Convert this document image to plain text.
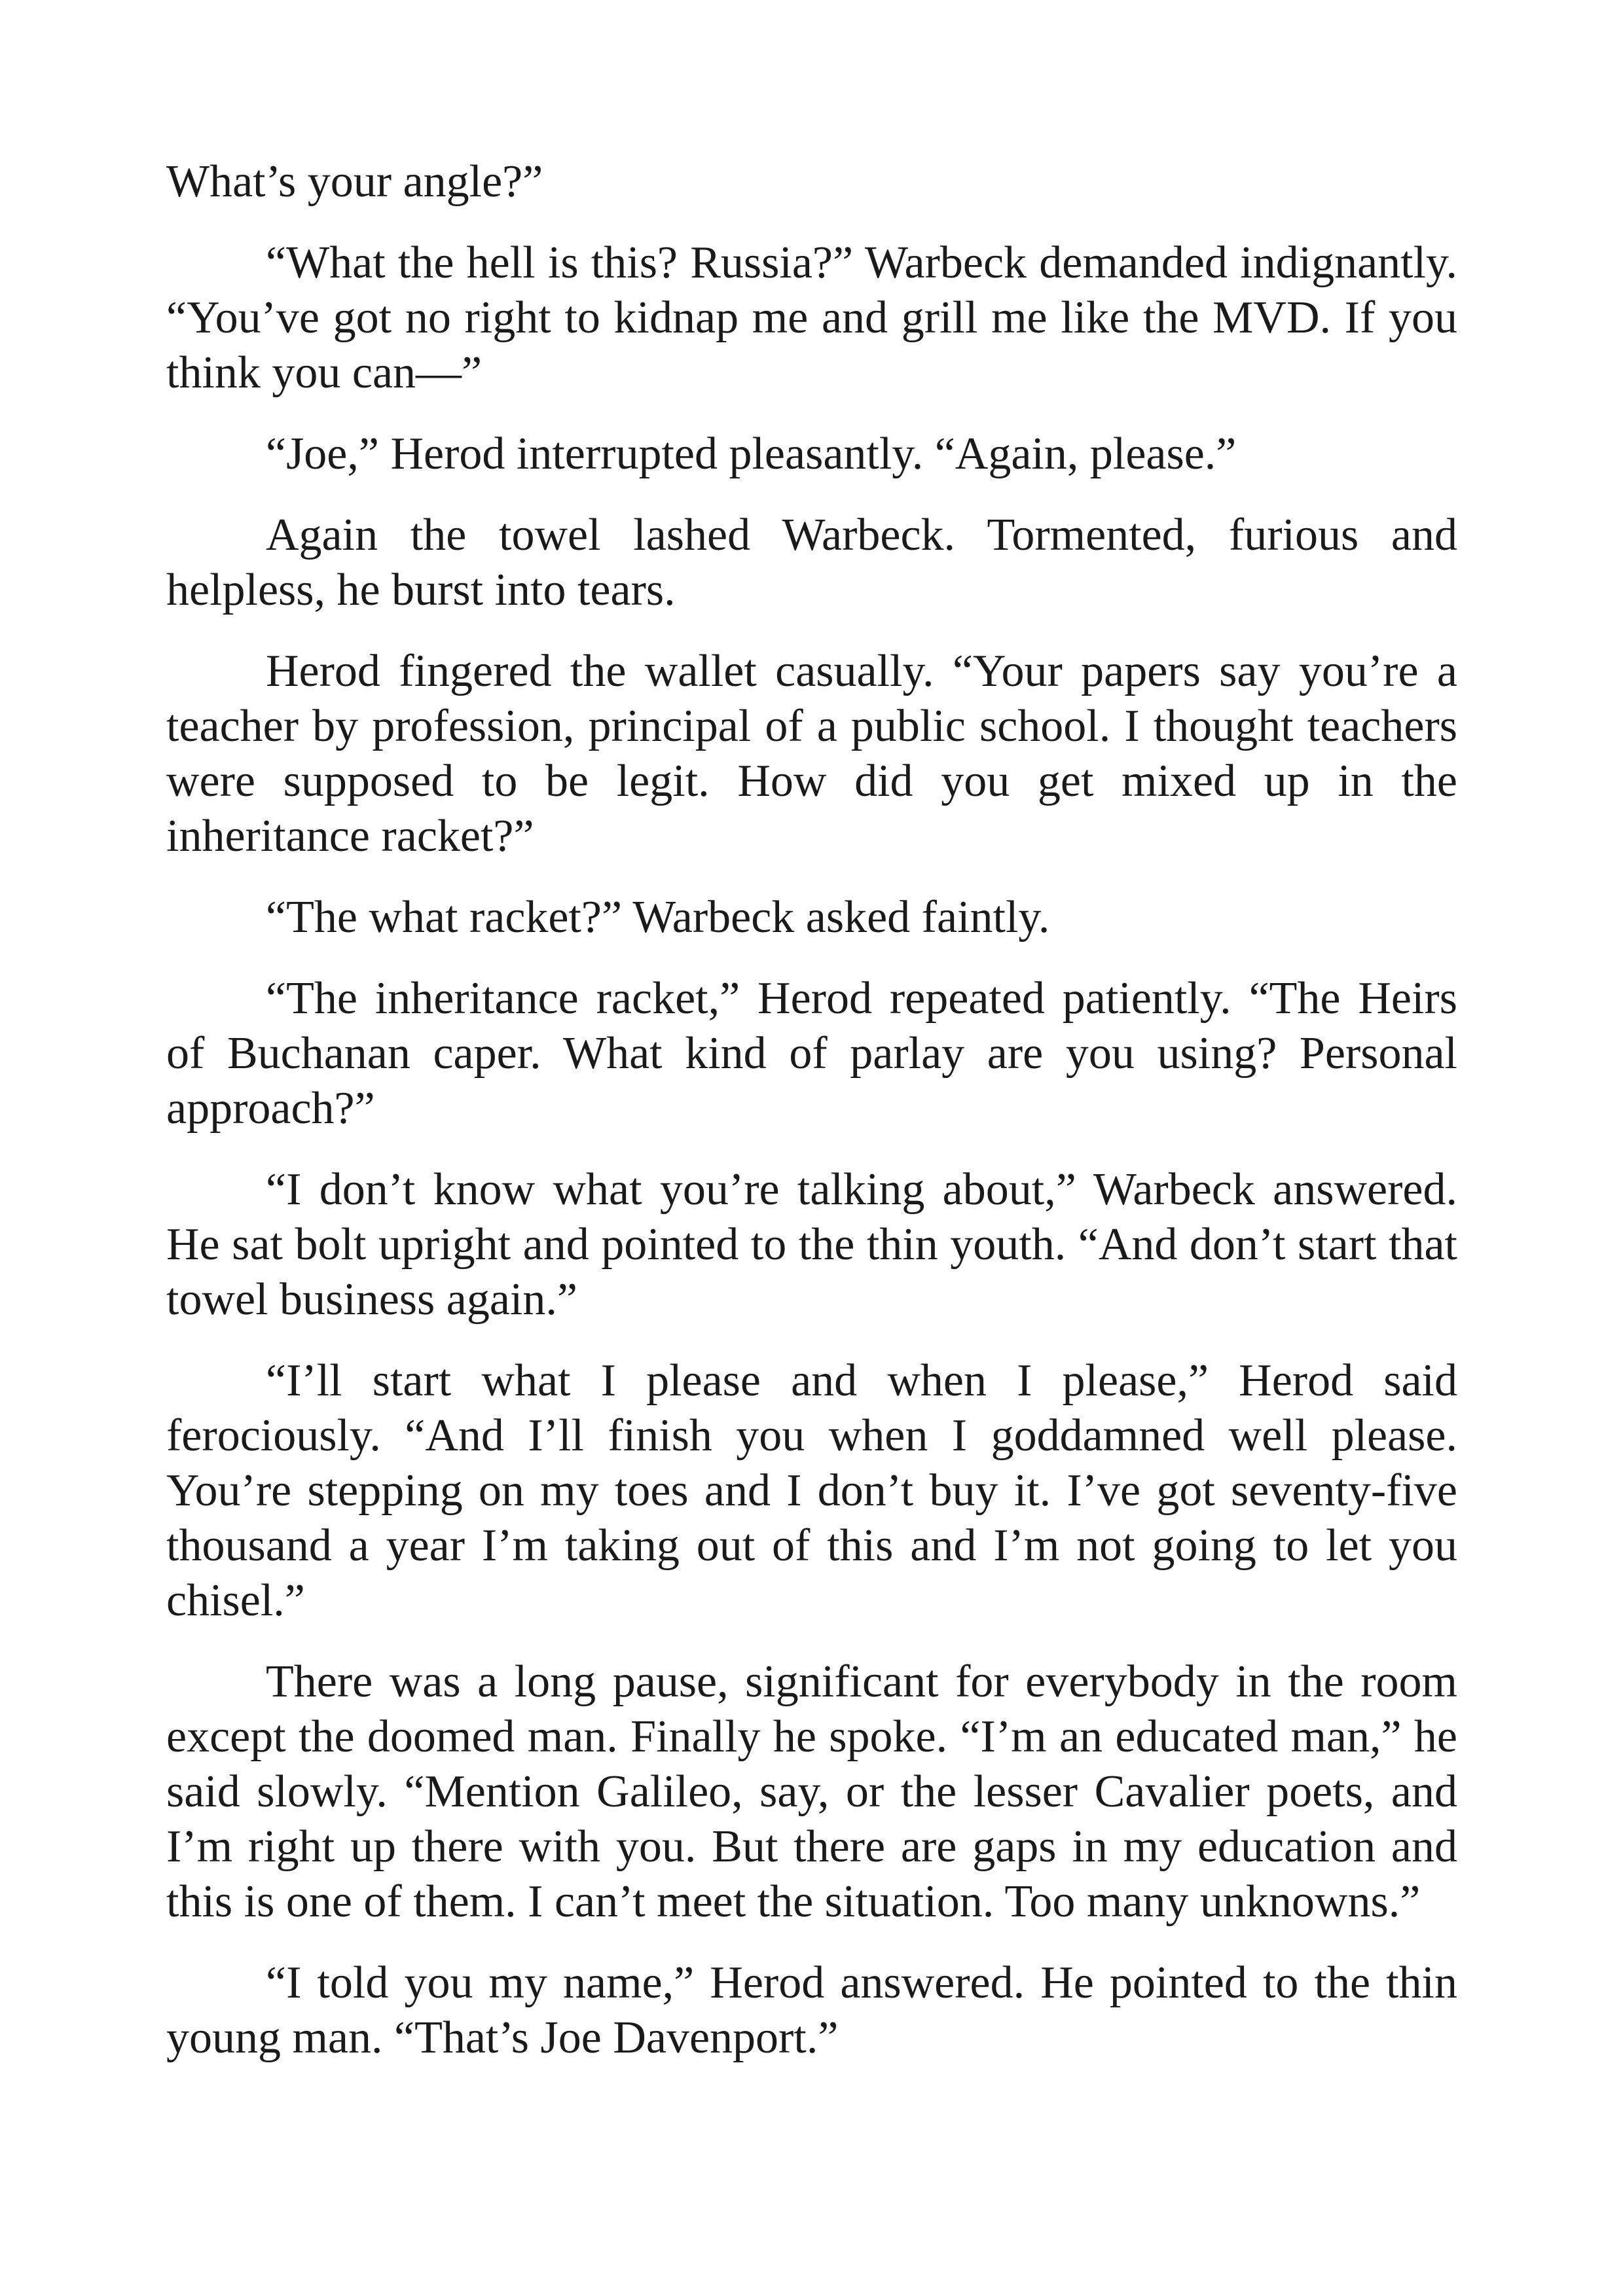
What’s your angle?”

“What the hell is this? Russia?” Warbeck demanded indignantly. “You’ve got no right to kidnap me and grill me like the MVD. If you think you can—”

“Joe,” Herod interrupted pleasantly. “Again, please.”

Again the towel lashed Warbeck. Tormented, furious and helpless, he burst into tears.

Herod fingered the wallet casually. “Your papers say you’re a teacher by profession, principal of a public school. I thought teachers were supposed to be legit. How did you get mixed up in the inheritance racket?”

“The what racket?” Warbeck asked faintly.

“The inheritance racket,” Herod repeated patiently. “The Heirs of Buchanan caper. What kind of parlay are you using? Personal approach?”

“I don’t know what you’re talking about,” Warbeck answered. He sat bolt upright and pointed to the thin youth. “And don’t start that towel business again.”

“I’ll start what I please and when I please,” Herod said ferociously. “And I’ll finish you when I goddamned well please. You’re stepping on my toes and I don’t buy it. I’ve got seventy-five thousand a year I’m taking out of this and I’m not going to let you chisel.”

There was a long pause, significant for everybody in the room except the doomed man. Finally he spoke. “I’m an educated man,” he said slowly. “Mention Galileo, say, or the lesser Cavalier poets, and I’m right up there with you. But there are gaps in my education and this is one of them. I can’t meet the situation. Too many unknowns.”

“I told you my name,” Herod answered. He pointed to the thin young man. “That’s Joe Davenport.”
